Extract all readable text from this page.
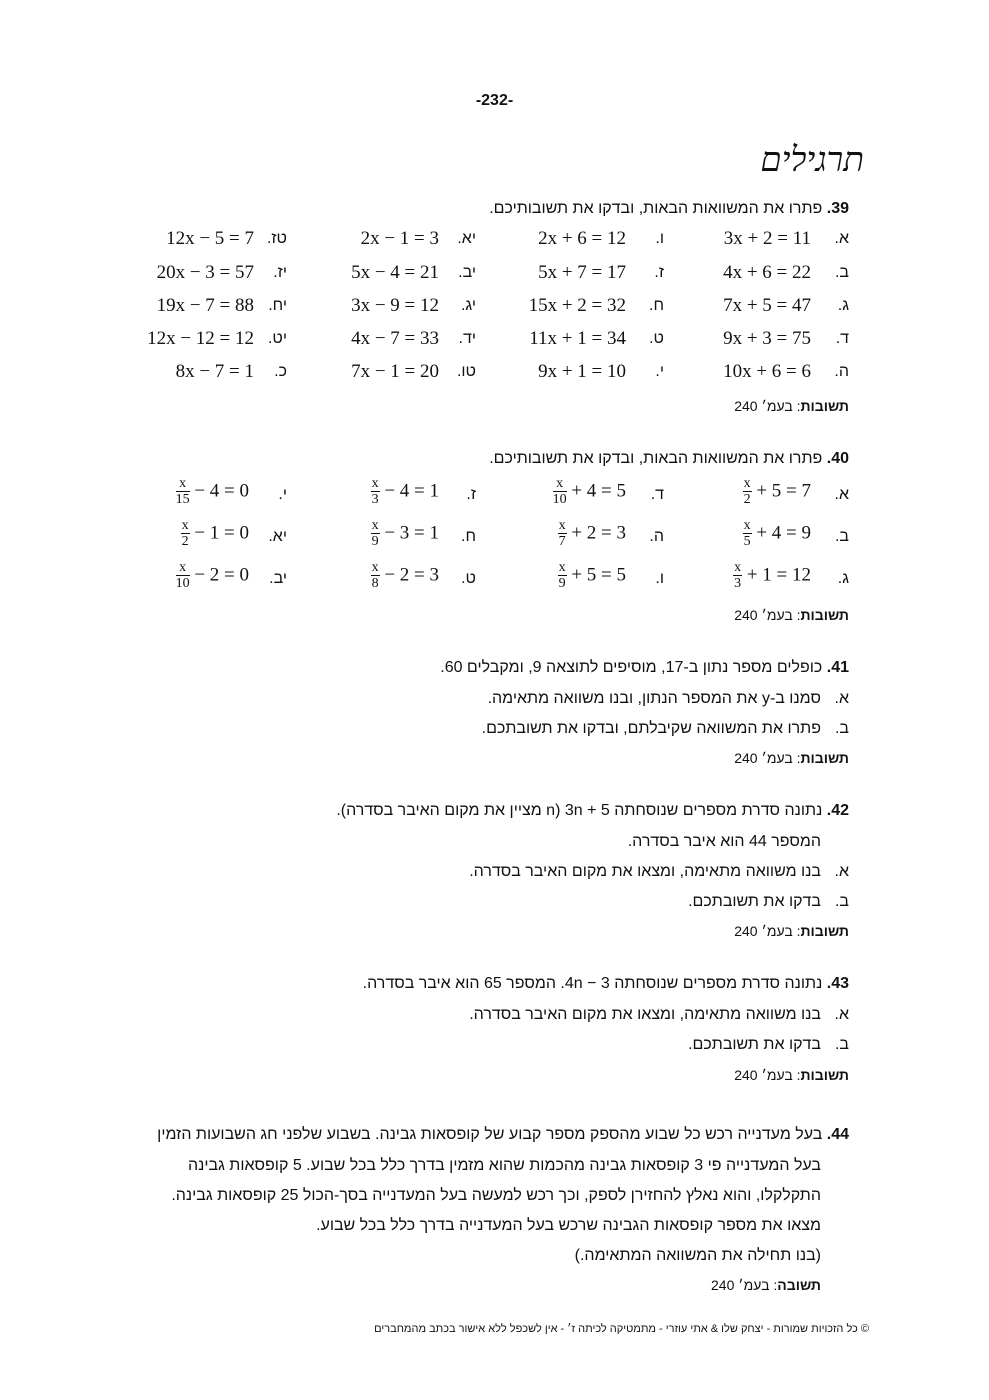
-232-
תרגילים
39. פתרו את המשוואות הבאות, ובדקו את תשובותיכם.
א.
3x + 2 = 11
ב.
4x + 6 = 22
ג.
7x + 5 = 47
ד.
9x + 3 = 75
ה.
10x + 6 = 6
ו.
2x + 6 = 12
ז.
5x + 7 = 17
ח.
15x + 2 = 32
ט.
11x + 1 = 34
י.
9x + 1 = 10
יא.
2x − 1 = 3
יב.
5x − 4 = 21
יג.
3x − 9 = 12
יד.
4x − 7 = 33
טו.
7x − 1 = 20
טז.
12x − 5 = 7
יז.
20x − 3 = 57
יח.
19x − 7 = 88
יט.
12x − 12 = 12
כ.
8x − 7 = 1
תשובות: בעמ׳ 240
40. פתרו את המשוואות הבאות, ובדקו את תשובותיכם.
א.
$\frac{x}{2} + 5 = 7$
ב.
$\frac{x}{5} + 4 = 9$
ג.
$\frac{x}{3} + 1 = 12$
ד.
$\frac{x}{10} + 4 = 5$
ה.
$\frac{x}{7} + 2 = 3$
ו.
$\frac{x}{9} + 5 = 5$
ז.
$\frac{x}{3} - 4 = 1$
ח.
$\frac{x}{9} - 3 = 1$
ט.
$\frac{x}{8} - 2 = 3$
י.
$\frac{x}{15} - 4 = 0$
יא.
$\frac{x}{2} - 1 = 0$
יב.
$\frac{x}{10} - 2 = 0$
תשובות: בעמ׳ 240
41. כופלים מספר נתון ב-17, מוסיפים לתוצאה 9, ומקבלים 60.
א.סמנו ב-y את המספר הנתון, ובנו משוואה מתאימה.
ב.פתרו את המשוואה שקיבלתם, ובדקו את תשובתכם.
תשובות: בעמ׳ 240
42. נתונה סדרת מספרים שנוסחתה 3n + 5 (n מציין את מקום האיבר בסדרה).
המספר 44 הוא איבר בסדרה.
א.בנו משוואה מתאימה, ומצאו את מקום האיבר בסדרה.
ב.בדקו את תשובתכם.
תשובות: בעמ׳ 240
43. נתונה סדרת מספרים שנוסחתה 4n − 3. המספר 65 הוא איבר בסדרה.
א.בנו משוואה מתאימה, ומצאו את מקום האיבר בסדרה.
ב.בדקו את תשובתכם.
תשובות: בעמ׳ 240
44. בעל מעדנייה רכש כל שבוע מהספק מספר קבוע של קופסאות גבינה. בשבוע שלפני חג השבועות הזמין
בעל המעדנייה פי 3 קופסאות גבינה מהכמות שהוא מזמין בדרך כלל בכל שבוע. 5 קופסאות גבינה
התקלקלו, והוא נאלץ להחזירן לספק, וכך רכש למעשה בעל המעדנייה בסך-הכול 25 קופסאות גבינה.
מצאו את מספר קופסאות הגבינה שרכש בעל המעדנייה בדרך כלל בכל שבוע.
(בנו תחילה את המשוואה המתאימה.)
תשובה: בעמ׳ 240
© כל הזכויות שמורות - יצחק שלו & אתי עוזרי - מתמטיקה לכיתה ז׳ - אין לשכפל ללא אישור בכתב מהמחברים
